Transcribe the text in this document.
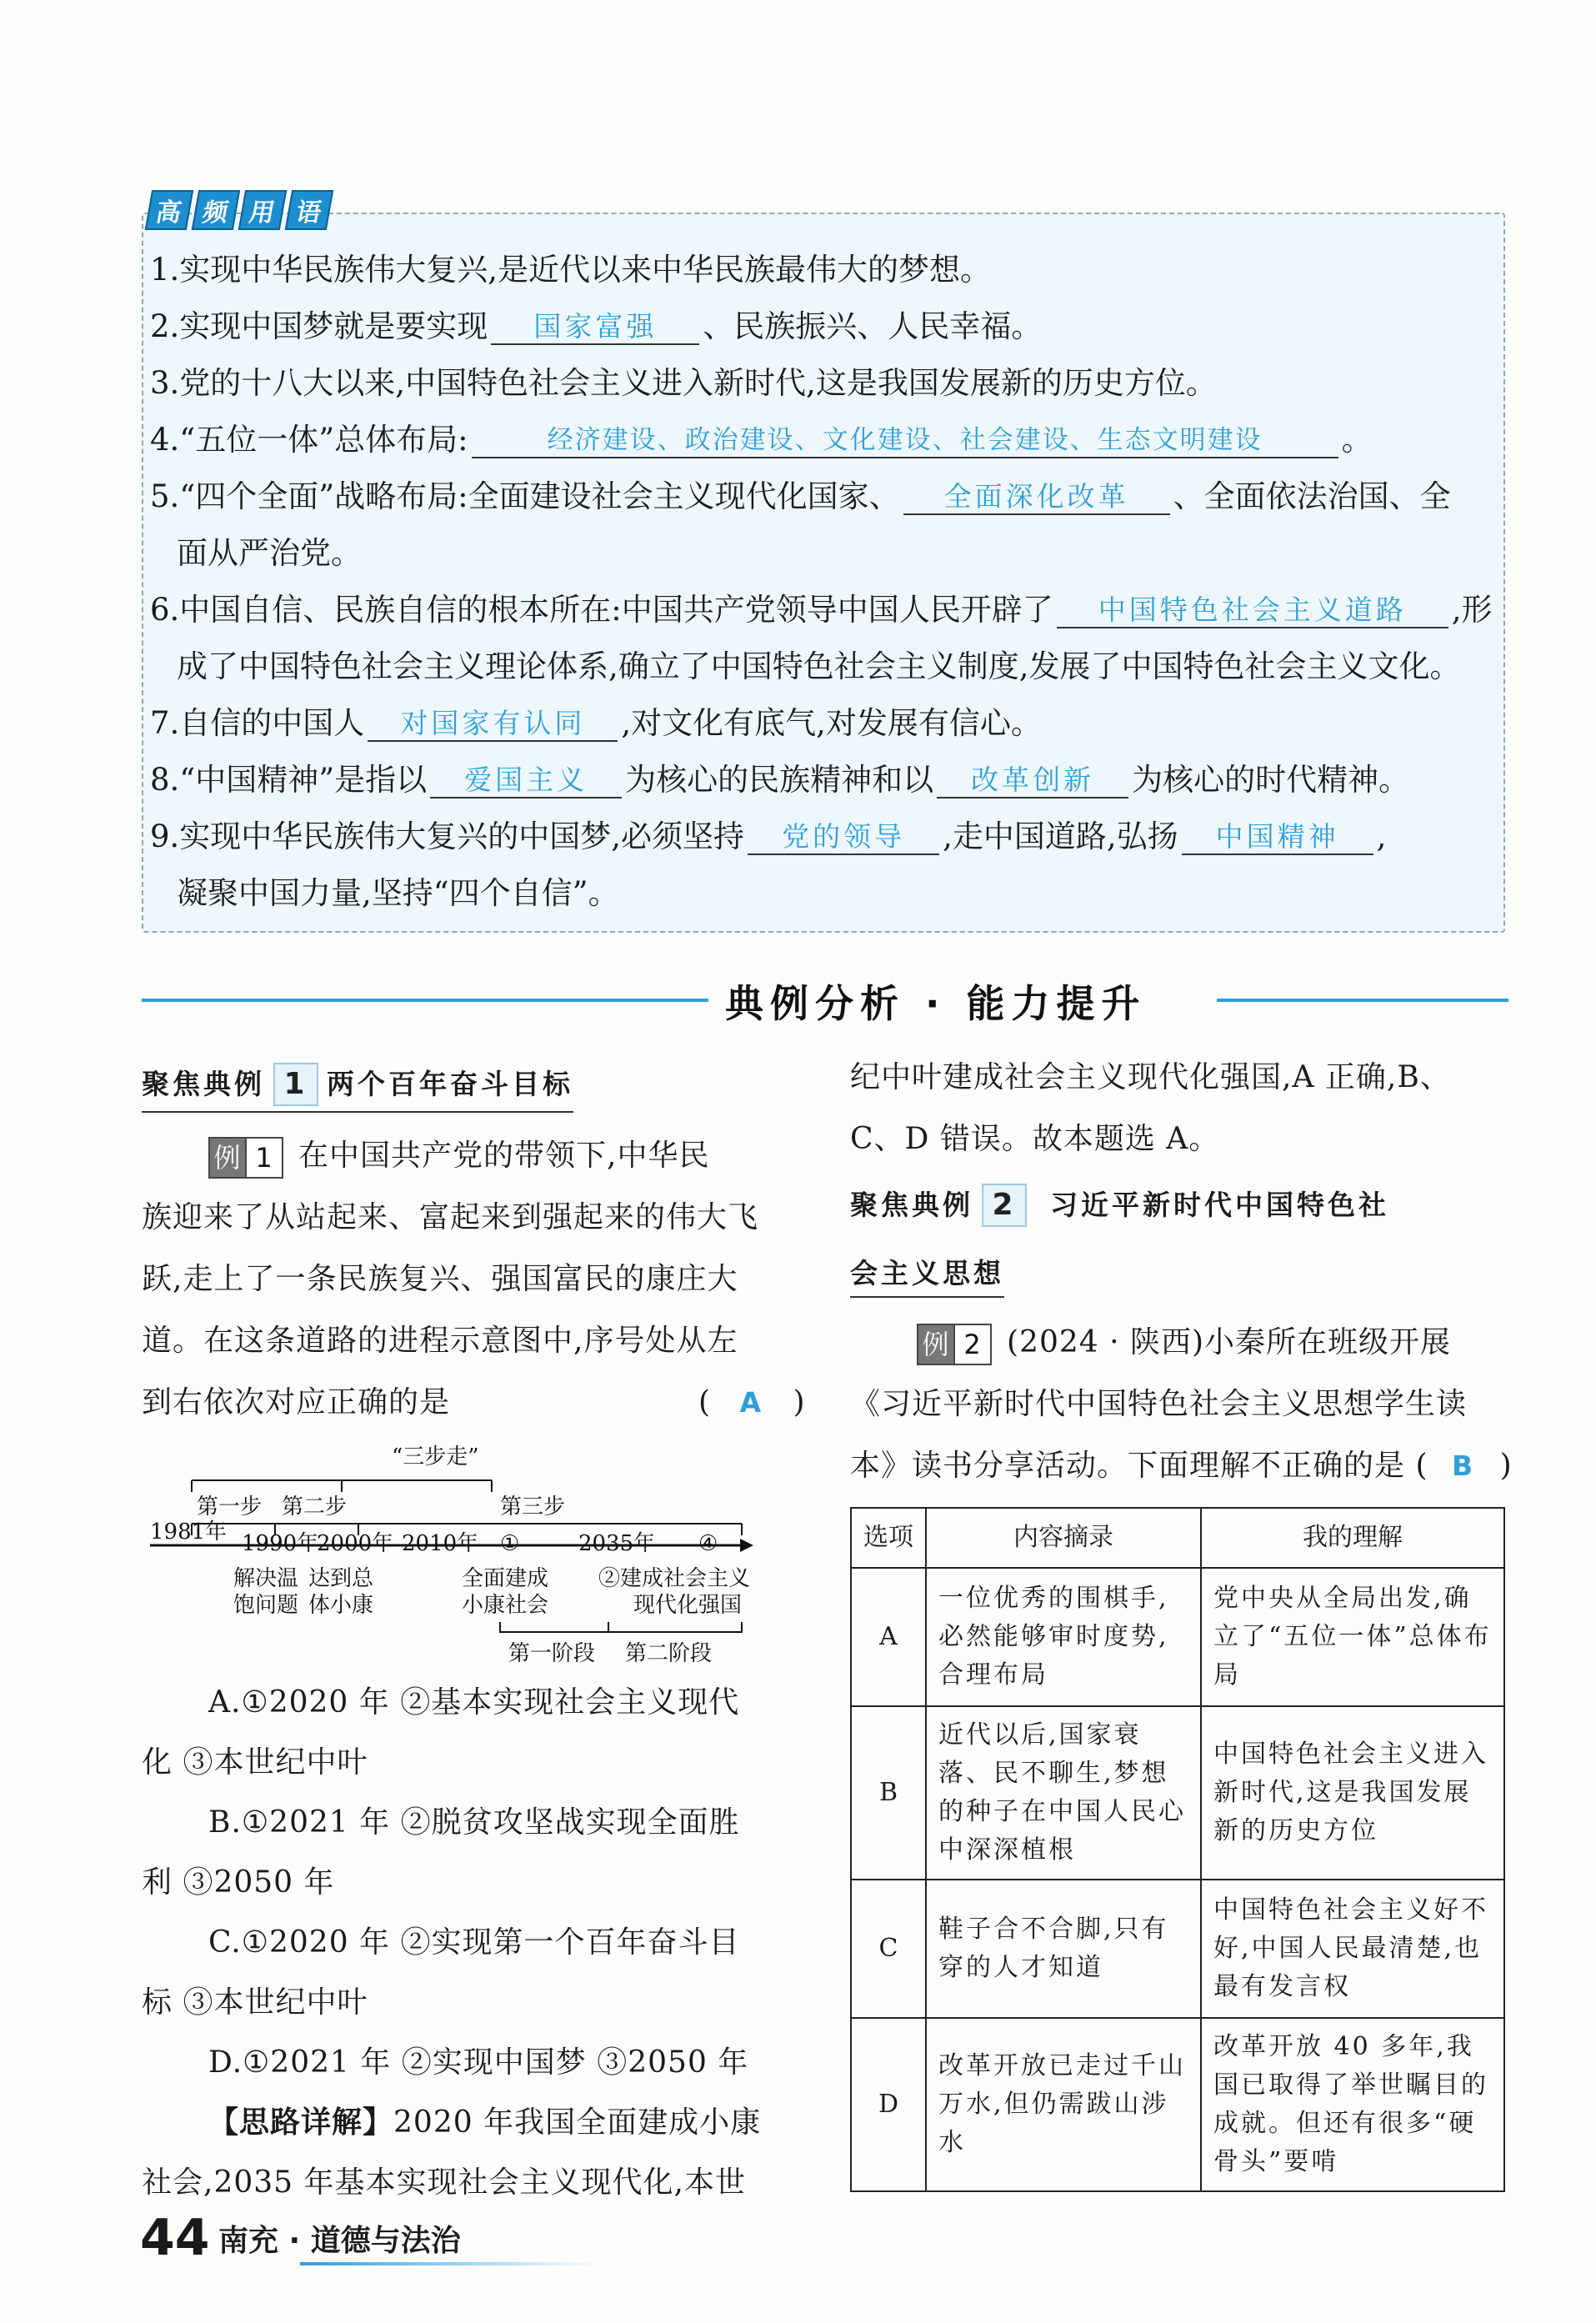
高 频 用 语
1.实现中华民族伟大复兴,是近代以来中华民族最伟大的梦想。
2.实现中国梦就是要实现 国家富强 、民族振兴、人民幸福。
3.党的十八大以来,中国特色社会主义进入新时代,这是我国发展新的历史方位。
4.“五位一体”总体布局:	经济建设、政治建设、文化建设、社会建设、生态文明建设	。
5.“四个全面”战略布局:全面建设社会主义现代化国家、 全面深化改革 、全面依法治国、全
面从严治党。
6.中国自信、民族自信的根本所在:中国共产党领导中国人民开辟了 中国特色社会主义道路 ,形
成了中国特色社会主义理论体系,确立了中国特色社会主义制度,发展了中国特色社会主义文化。
7.自信的中国人 对国家有认同 ,对文化有底气,对发展有信心。
8.“中国精神”是指以 爱国主义 为核心的民族精神和以 改革创新 为核心的时代精神。
9.实现中华民族伟大复兴的中国梦,必须坚持 党的领导 ,走中国道路,弘扬 中国精神 ,
凝聚中国力量,坚持“四个自信”。
典例分析 · 能力提升
聚焦典例 1 两个百年奋斗目标
例 1 在中国共产党的带领下,中华民
族迎来了从站起来、富起来到强起来的伟大飞
跃,走上了一条民族复兴、强国富民的康庄大
道。在这条道路的进程示意图中,序号处从左
到右依次对应正确的是	( A )
“三步走”
第一步 第二步	第三步
1981年 1990年
2000年 2010年 ①	2035年 ④
解决温
饱问题
达到总
体小康
全面建成
小康社会
②建成社会主义
现代化强国
第一阶段 第二阶段
A.①2020 年 ②基本实现社会主义现代
化 ③本世纪中叶
B.①2021 年 ②脱贫攻坚战实现全面胜
利 ③2050 年
C.①2020 年 ②实现第一个百年奋斗目
标 ③本世纪中叶
D.①2021 年 ②实现中国梦 ③2050 年
【思路详解】2020 年我国全面建成小康
社会,2035 年基本实现社会主义现代化,本世
纪中叶建成社会主义现代化强国,A 正确,B、
C、D 错误。故本题选 A。
聚焦典例 2 习近平新时代中国特色社
会主义思想
例 2 (2024 · 陕西)小秦所在班级开展
《习近平新时代中国特色社会主义思想学生读
本》读书分享活动。下面理解不正确的是 ( B )
选项	内容摘录	我的理解
A	一位优秀的围棋手,必然能够审时度势,合理布局	党中央从全局出发,确立了“五位一体”总体布局
B	近代以后,国家衰落、民不聊生,梦想的种子在中国人民心中深深植根	中国特色社会主义进入新时代,这是我国发展新的历史方位
C	鞋子合不合脚,只有穿的人才知道	中国特色社会主义好不好,中国人民最清楚,也最有发言权
D	改革开放已走过千山万水,但仍需跋山涉水	改革开放 40 多年,我国已取得了举世瞩目的成就。但还有很多“硬骨头”要啃
44 南充 · 道德与法治
